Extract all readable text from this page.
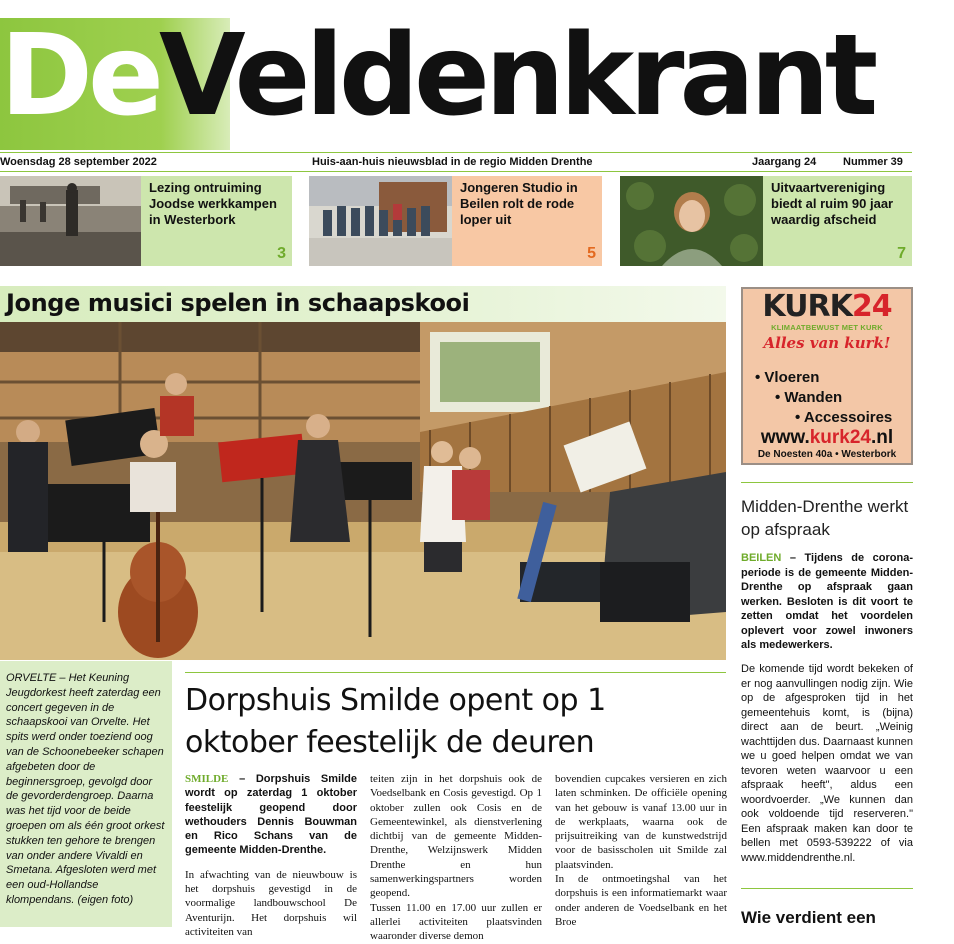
DeVeldenkrant
Woensdag 28 september 2022	Huis-aan-huis nieuwsblad in de regio Midden Drenthe	Jaargang 24 Nummer 39
Lezing ontruiming Joodse werkkampen in Westerbork
3
Jongeren Studio in Beilen rolt de rode loper uit
5
Uitvaartvereniging biedt al ruim 90 jaar waardig afscheid
7
Jonge musici spelen in schaapskooi	KURK24
KLIMAATBEWUST MET KURK
Alles van kurk!
• Vloeren
• Wanden
• Accessoires
www.kurk24.nl
De Noesten 40a • Westerbork
Midden-Drenthe werkt op afspraak
BEILEN – Tijdens de corona-periode is de gemeente Midden-Drenthe op afspraak gaan werken. Besloten is dit voort te zetten omdat het voordelen oplevert voor zowel inwoners als medewerkers.
De komende tijd wordt bekeken of er nog aanvullingen nodig zijn. Wie op de afgesproken tijd in het gemeentehuis komt, is (bijna) direct aan de beurt. „Weinig wachttijden dus. Daarnaast kunnen we u goed helpen omdat we van tevoren weten waarvoor u een afspraak heeft", aldus een woordvoerder. „We kunnen dan ook voldoende tijd reserveren." Een afspraak maken kan door te bellen met 0593-539222 of via www.middendrenthe.nl.
Wie verdient een
ORVELTE – Het Keuning Jeugdorkest heeft zaterdag een concert gegeven in de schaapskooi van Orvelte. Het spits werd onder toeziend oog van de Schoonebeeker schapen afgebeten door de beginnersgroep, gevolgd door de gevorderdengroep. Daarna was het tijd voor de beide groepen om als één groot orkest stukken ten gehore te brengen van onder andere Vivaldi en Smetana. Afgesloten werd met een oud-Hollandse klompendans. (eigen foto)
Dorpshuis Smilde opent op 1 oktober feestelijk de deuren

SMILDE – Dorpshuis Smilde wordt op zaterdag 1 oktober feestelijk geopend door wethouders Dennis Bouwman en Rico Schans van de gemeente Midden-Drenthe.

In afwachting van de nieuwbouw is het dorpshuis gevestigd in de voormalige landbouwschool De Aventurijn. Het dorpshuis wil activiteiten van

teiten zijn in het dorpshuis ook de Voedselbank en Cosis gevestigd. Op 1 oktober zullen ook Cosis en de Gemeentewinkel, als dienstverlening dichtbij van de gemeente Midden-Drenthe, Welzijnswerk Midden Drenthe en hun samenwerkingspartners worden geopend.

Tussen 11.00 en 17.00 uur zullen er allerlei activiteiten plaatsvinden waaronder diverse demon

bovendien cupcakes versieren en zich laten schminken. De officiële opening van het gebouw is vanaf 13.00 uur in de werkplaats, waarna ook de prijsuitreiking van de kunstwedstrijd voor de basisscholen uit Smilde zal plaatsvinden.

In de ontmoetingshal van het dorpshuis is een informatiemarkt waar onder anderen de Voedselbank en het Broe
